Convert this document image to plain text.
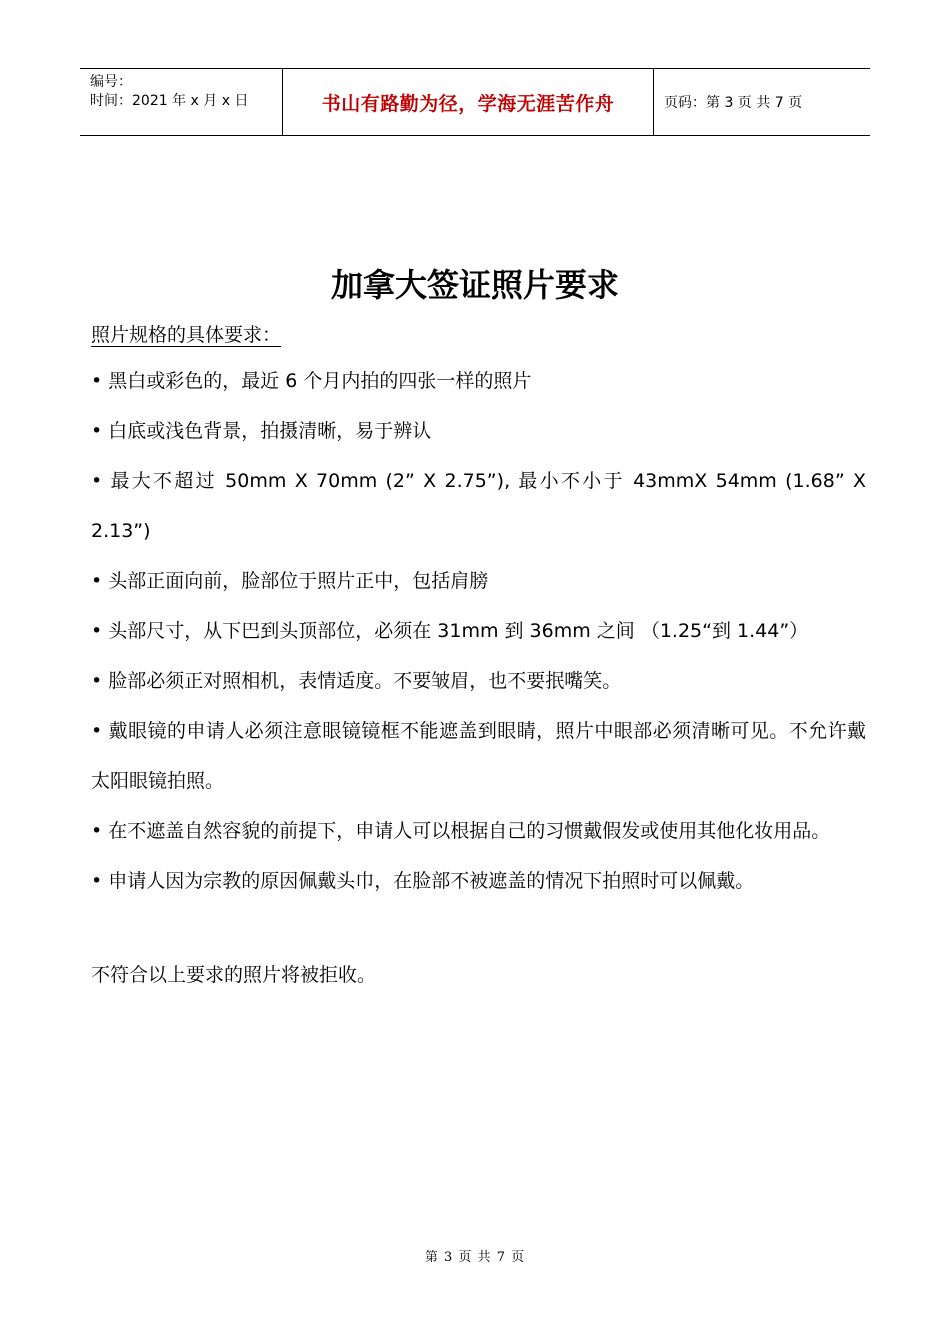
编号：
时间：2021 年 x 月 x 日	书山有路勤为径，学海无涯苦作舟	页码：第 3 页 共 7 页
加拿大签证照片要求
照片规格的具体要求：

• 黑白或彩色的，最近 6 个月内拍的四张一样的照片

• 白底或浅色背景，拍摄清晰，易于辨认

• 最大不超过 50mm X 70mm (2” X 2.75”), 最小不小于 43mmX 54mm (1.68” X 2.13”)

• 头部正面向前，脸部位于照片正中，包括肩膀

• 头部尺寸，从下巴到头顶部位，必须在 31mm 到 36mm 之间 （1.25“到 1.44”）

• 脸部必须正对照相机，表情适度。不要皱眉，也不要抿嘴笑。

• 戴眼镜的申请人必须注意眼镜镜框不能遮盖到眼睛，照片中眼部必须清晰可见。不允许戴太阳眼镜拍照。

• 在不遮盖自然容貌的前提下，申请人可以根据自己的习惯戴假发或使用其他化妆用品。

• 申请人因为宗教的原因佩戴头巾，在脸部不被遮盖的情况下拍照时可以佩戴。

不符合以上要求的照片将被拒收。

第 3 页 共 7 页
